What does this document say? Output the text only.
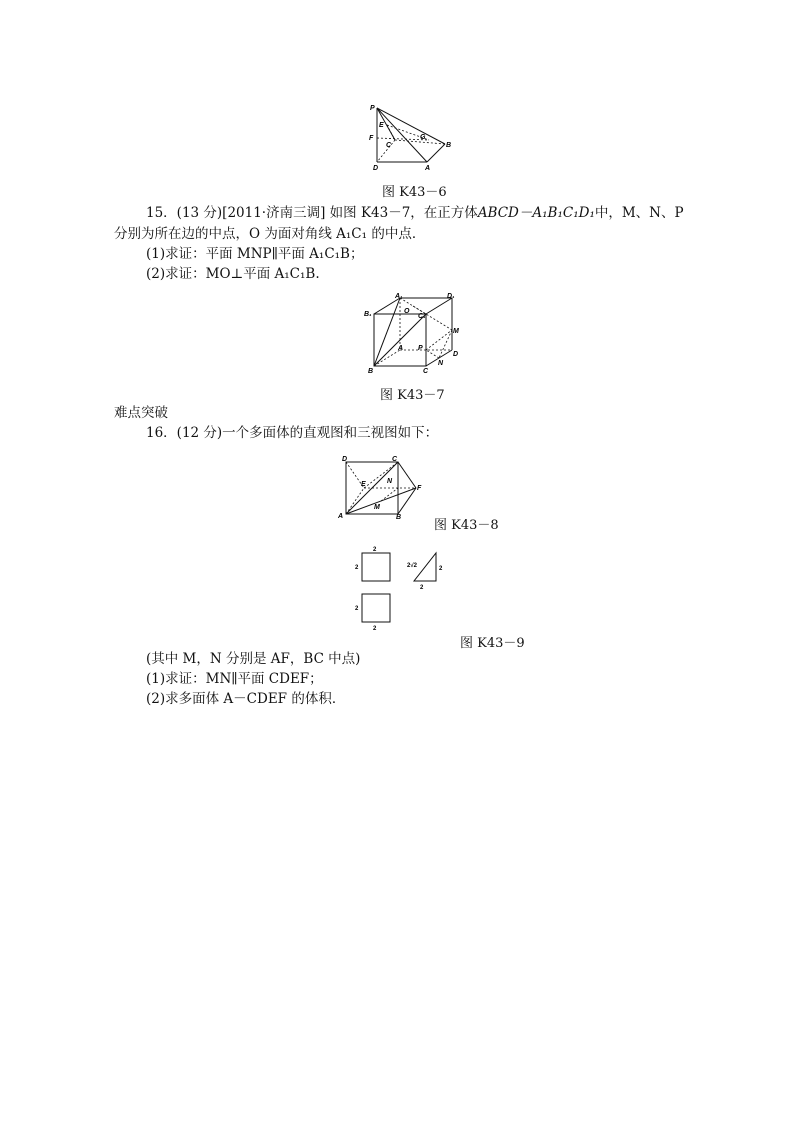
P
E
F	G
C	B
D	A
图 K43－6
15．(13 分)[2011·济南三调] 如图 K43－7，在正方体ABCD－A₁B₁C₁D₁中，M、N、P
分别为所在边的中点，O 为面对角线 A₁C₁ 的中点．
(1)求证：平面 MNP∥平面 A₁C₁B；
(2)求证：MO⊥平面 A₁C₁B.
A₁	D₁
B₁	O
C₁
M
A P
D
N
B	C
图 K43－7
难点突破
16．(12 分)一个多面体的直观图和三视图如下：
D	C
E	N
F
M
A	B
图 K43－8
2
2	2√2	2
2
2
2
图 K43－9
(其中 M，N 分别是 AF，BC 中点)
(1)求证：MN∥平面 CDEF；
(2)求多面体 A－CDEF 的体积．
